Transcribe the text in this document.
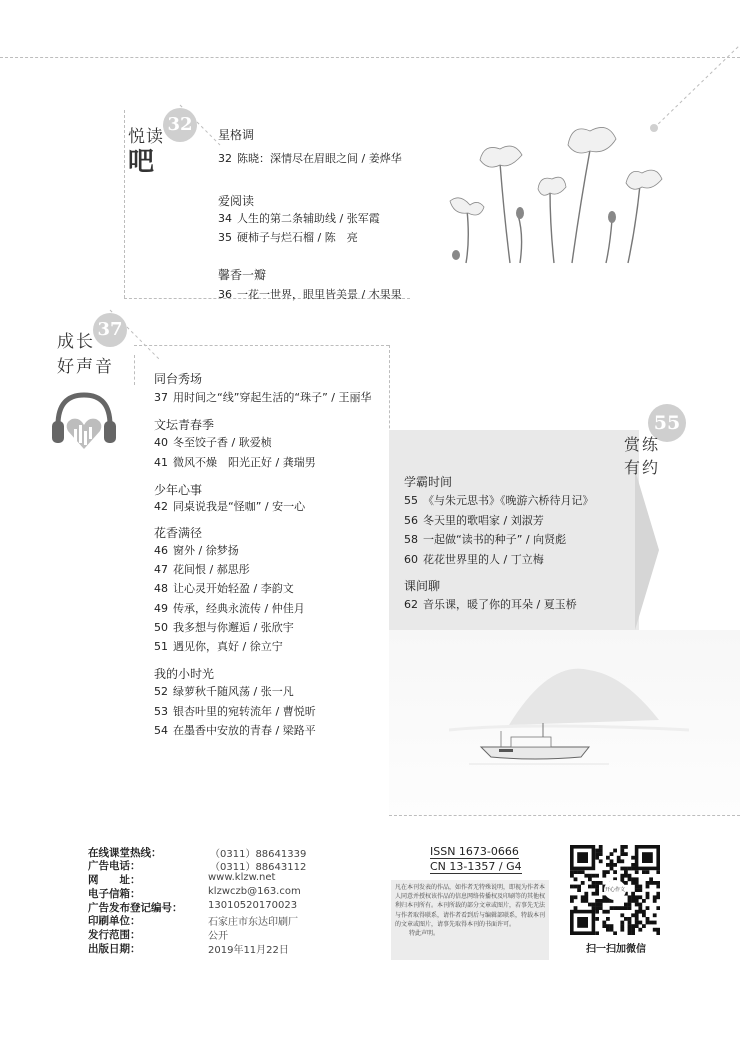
悦读
吧
32	星格调
32 陈晓：深情尽在眉眼之间 / 姜烨华
爱阅读
34 人生的第二条辅助线 / 张军霞
35 硬柿子与烂石榴 / 陈　亮
馨香一瓣
36 一花一世界，眼里皆美景 / 木果果
成长
好声音
37
同台秀场
37 用时间之“线”穿起生活的“珠子” / 王丽华
文坛青春季
40 冬至饺子香 / 耿爱桢
41 微风不燥　阳光正好 / 龚瑞男
少年心事
42 同桌说我是“怪咖” / 安一心
花香满径
46 窗外 / 徐梦扬
47 花间恨 / 郝思彤
48 让心灵开始轻盈 / 李韵文
49 传承，经典永流传 / 仲佳月
50 我多想与你邂逅 / 张欣宇
51 遇见你，真好 / 徐立宁
我的小时光
52 绿萝秋千随风荡 / 张一凡
53 银杏叶里的宛转流年 / 曹悦昕
54 在墨香中安放的青春 / 梁路平
55
赏练
有约
学霸时间
55 《与朱元思书》《晚游六桥待月记》
56 冬天里的歌唱家 / 刘淑芳
58 一起做“读书的种子” / 向贤彪
60 花花世界里的人 / 丁立梅
课间聊
62 音乐课，暖了你的耳朵 / 夏玉桥
在线课堂热线：
广告电话：
网　　址：
电子信箱：
广告发布登记编号：
印刷单位：
发行范围：
出版日期：
（0311）88641339
（0311）88643112
www.klzw.net
klzwczb@163.com
13010520170023
石家庄市东达印刷厂
公开
2019年11月22日
ISSN 1673-0666
CN 13-1357 / G4
凡在本刊发表的作品，如作者无特殊说明，即视为作者本人同意并授权该作品的信息网络传播权及印刷等的其他权利归本刊所有。本刊所载的部分文章或图片，若事先无法与作者取得联系，请作者看到后与编辑部联系，特载本刊的文章或图片，请事先取得本刊的书面许可。
特此声明。
开心作文
扫一扫加微信
